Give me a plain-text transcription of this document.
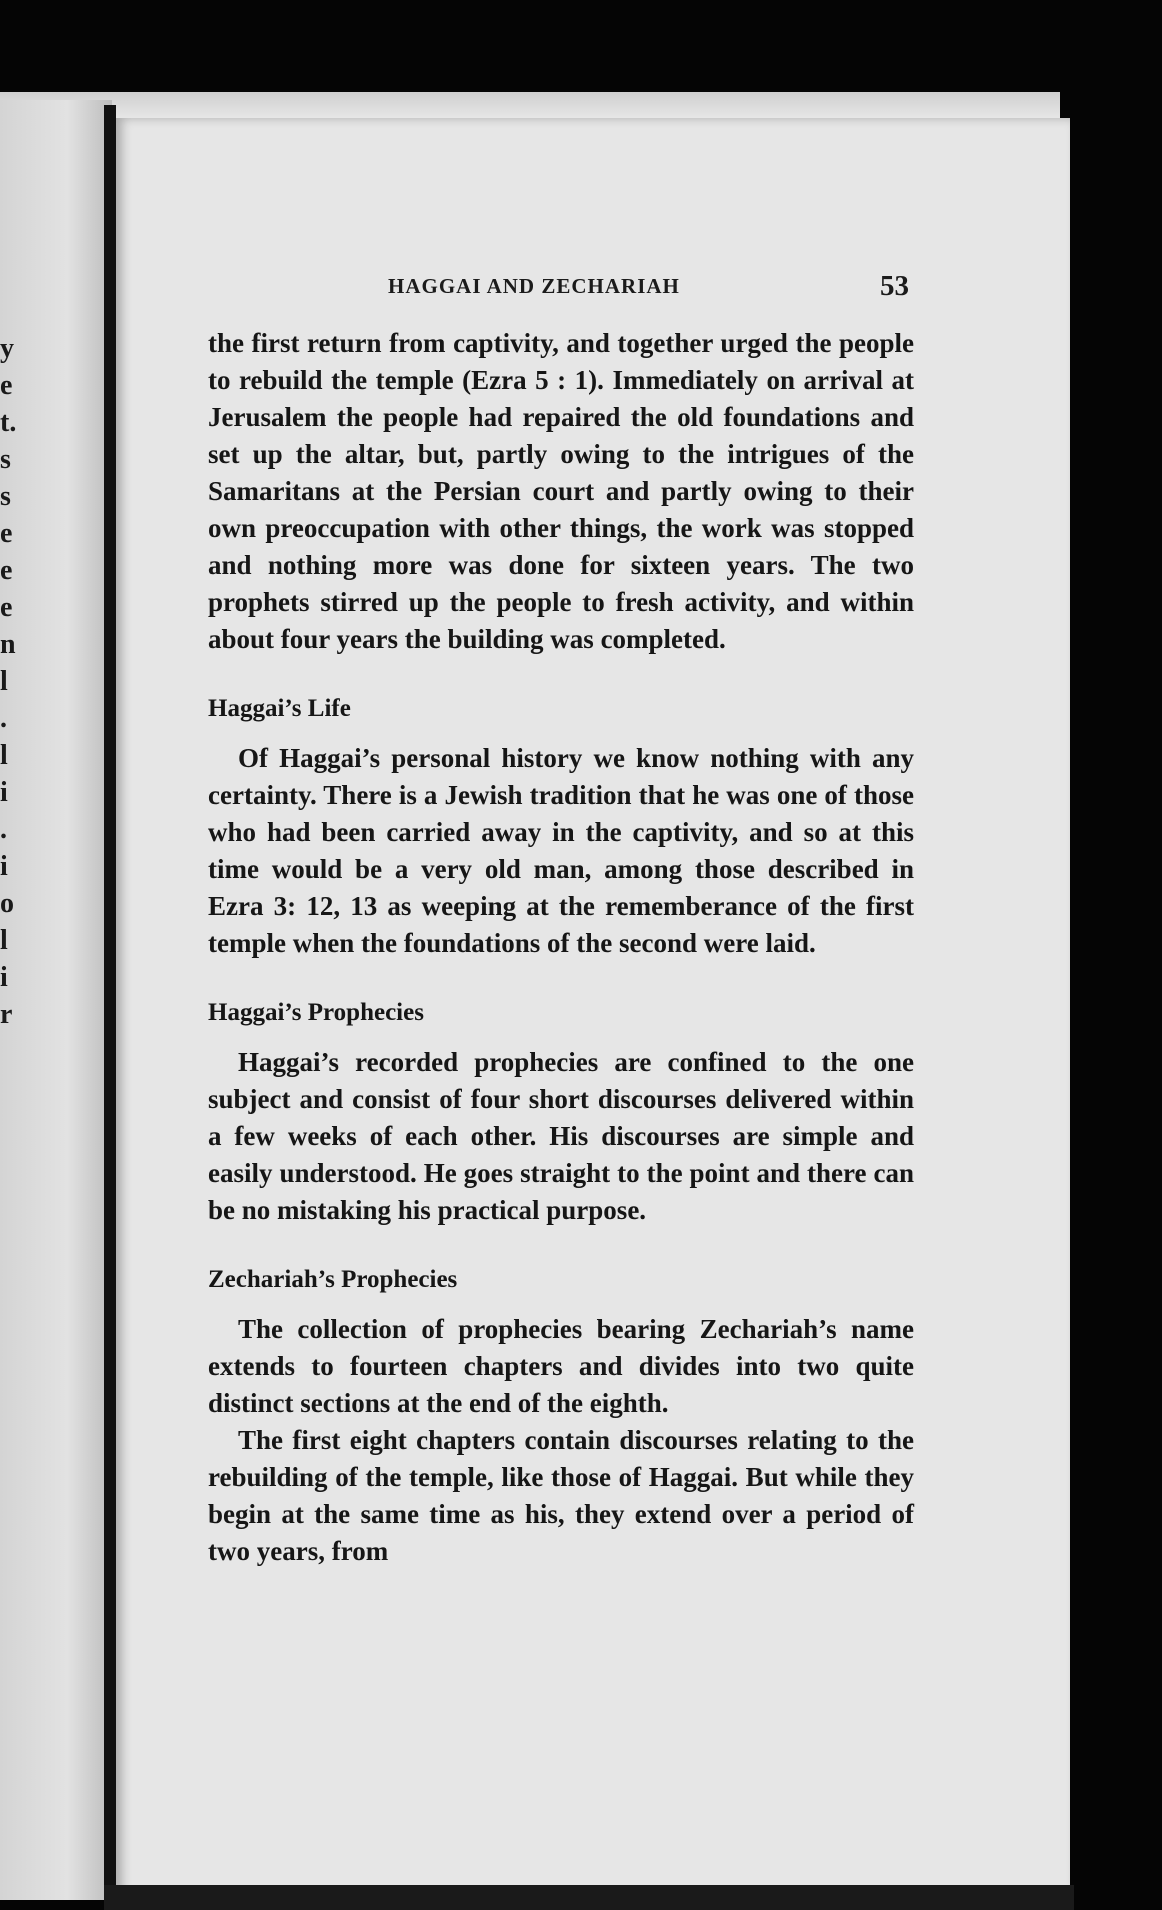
y
e
t.
s
s
e
e
e
n
l
.
l
i
.
i
o
l
i
r
HAGGAI AND ZECHARIAH	53

the first return from captivity, and together urged the people to rebuild the temple (Ezra 5 : 1). Immediately on arrival at Jerusalem the people had repaired the old foundations and set up the altar, but, partly owing to the intrigues of the Samaritans at the Persian court and partly owing to their own preoccupation with other things, the work was stopped and nothing more was done for sixteen years. The two prophets stirred up the people to fresh activity, and within about four years the building was completed.

Haggai’s Life

Of Haggai’s personal history we know nothing with any certainty. There is a Jewish tradition that he was one of those who had been carried away in the captivity, and so at this time would be a very old man, among those described in Ezra 3: 12, 13 as weeping at the rememberance of the first temple when the foundations of the second were laid.

Haggai’s Prophecies

Haggai’s recorded prophecies are confined to the one subject and consist of four short discourses delivered within a few weeks of each other. His discourses are simple and easily understood. He goes straight to the point and there can be no mistaking his practical purpose.

Zechariah’s Prophecies

The collection of prophecies bearing Zechariah’s name extends to fourteen chapters and divides into two quite distinct sections at the end of the eighth.

The first eight chapters contain discourses relating to the rebuilding of the temple, like those of Haggai. But while they begin at the same time as his, they extend over a period of two years, from
